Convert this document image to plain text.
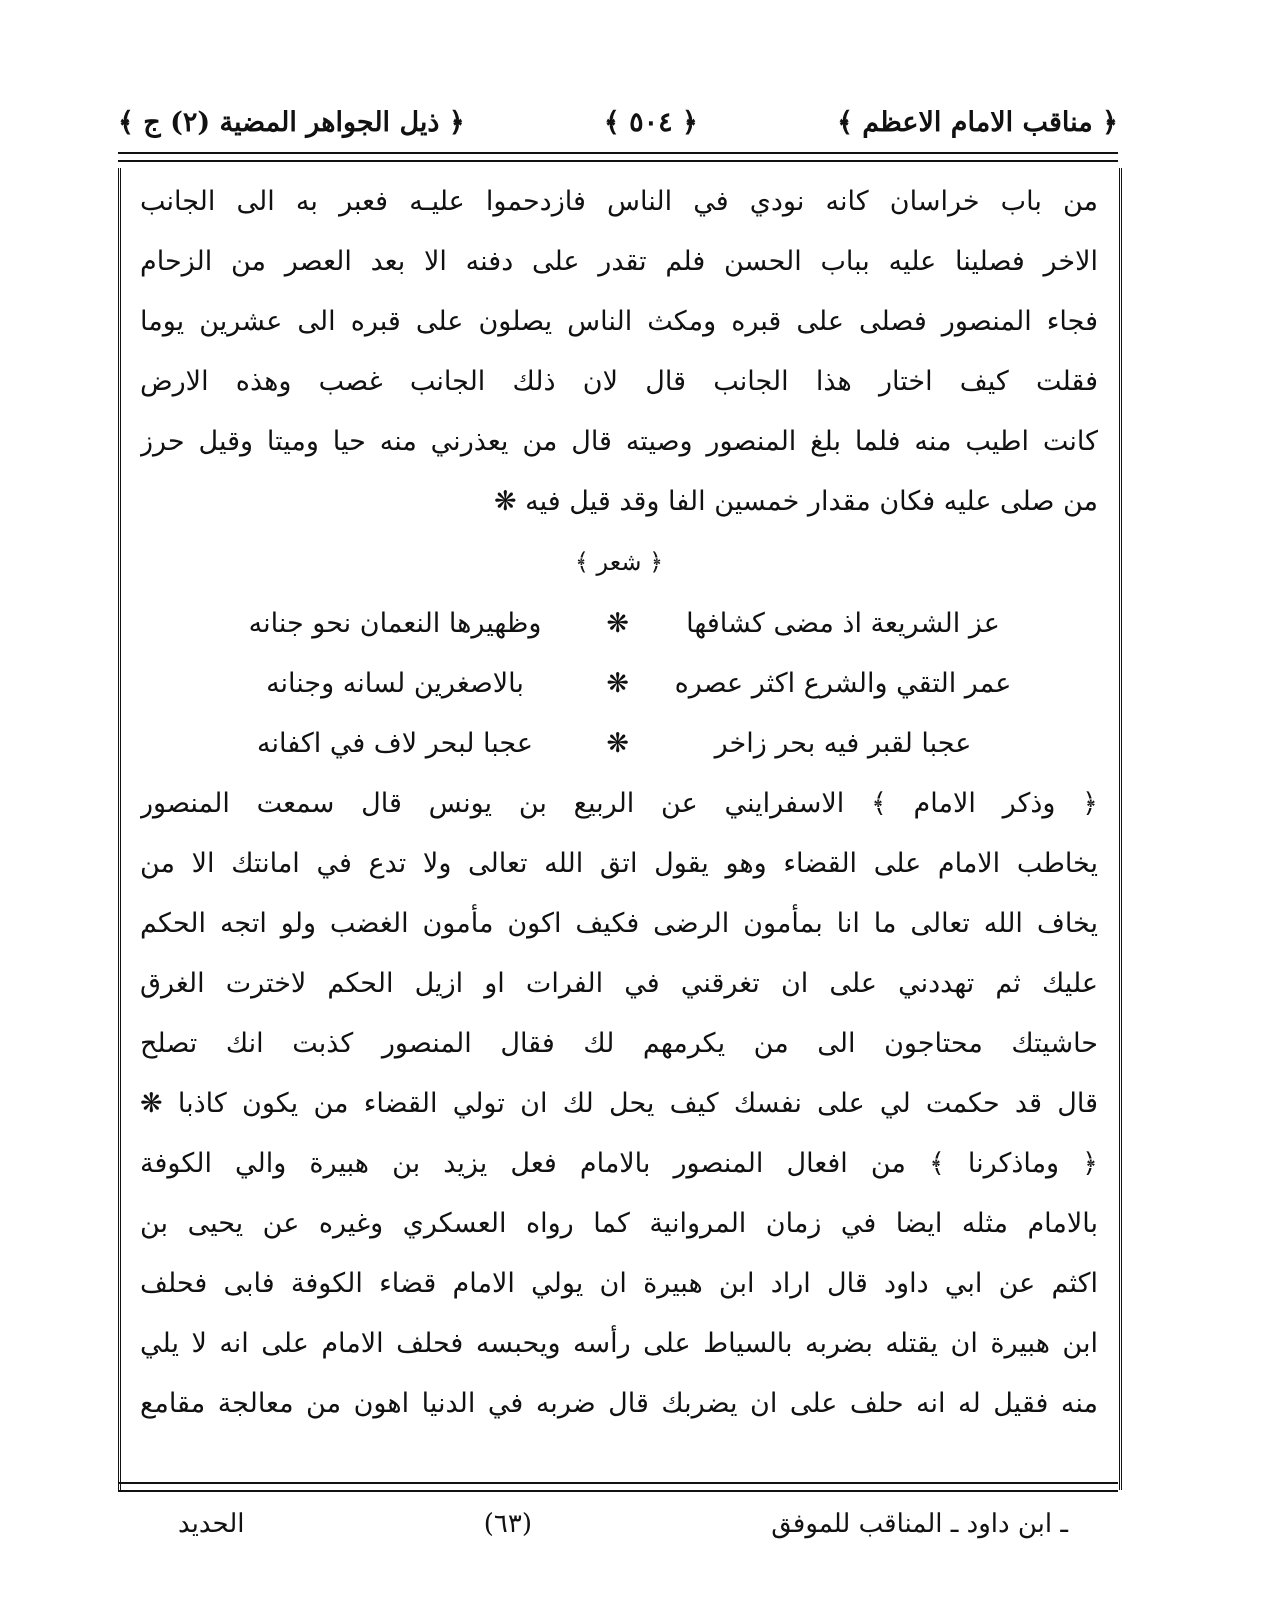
﴿ ذيل الجواهر المضية (٢) ج ﴾	﴿ ٥٠٤ ﴾	﴿ مناقب الامام الاعظم ﴾
من باب خراسان كانه نودي في الناس فازدحموا عليـه فعبر به الى الجانب
الاخر فصلينا عليه بباب الحسن فلم تقدر على دفنه الا بعد العصر من الزحام
فجاء المنصور فصلى على قبره ومكث الناس يصلون على قبره الى عشرين يوما
فقلت كيف اختار هذا الجانب قال لان ذلك الجانب غصب وهذه الارض
كانت اطيب منه فلما بلغ المنصور وصيته قال من يعذرني منه حيا وميتا وقيل حرز
من صلى عليه فكان مقدار خمسين الفا وقد قيل فيه ❋
﴿ شعر ﴾
عز الشريعة اذ مضى كشافها
❋
وظهيرها النعمان نحو جنانه
عمر التقي والشرع اكثر عصره
❋
بالاصغرين لسانه وجنانه
عجبا لقبر فيه بحر زاخر
❋
عجبا لبحر لاف في اكفانه
﴿ وذكر الامام ﴾ الاسفرايني عن الربيع بن يونس قال سمعت المنصور
يخاطب الامام على القضاء وهو يقول اتق الله تعالى ولا تدع في امانتك الا من
يخاف الله تعالى ما انا بمأمون الرضى فكيف اكون مأمون الغضب ولو اتجه الحكم
عليك ثم تهددني على ان تغرقني في الفرات او ازيل الحكم لاخترت الغرق
حاشيتك محتاجون الى من يكرمهم لك فقال المنصور كذبت انك تصلح
قال قد حكمت لي على نفسك كيف يحل لك ان تولي القضاء من يكون كاذبا ❋
﴿ وماذكرنا ﴾ من افعال المنصور بالامام فعل يزيد بن هبيرة والي الكوفة
بالامام مثله ايضا في زمان المروانية كما رواه العسكري وغيره عن يحيى بن
اكثم عن ابي داود قال اراد ابن هبيرة ان يولي الامام قضاء الكوفة فابى فحلف
ابن هبيرة ان يقتله بضربه بالسياط على رأسه ويحبسه فحلف الامام على انه لا يلي
منه فقيل له انه حلف على ان يضربك قال ضربه في الدنيا اهون من معالجة مقامع
ـ ابن داود ـ المناقب للموفق
(٦٣)
الحديد
